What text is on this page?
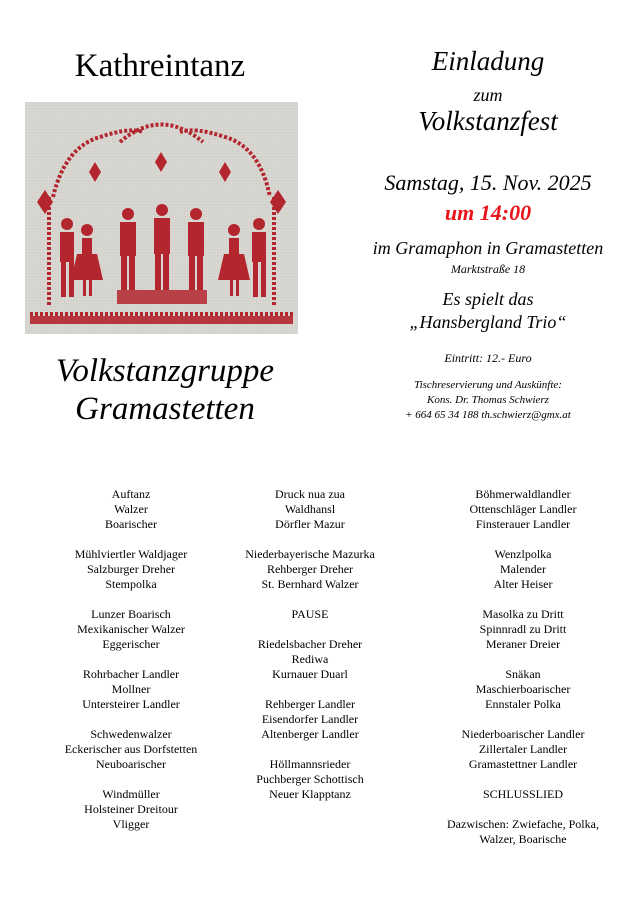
Kathreintanz
Volkstanzgruppe
Gramastetten
Einladung
zum
Volkstanzfest
Samstag, 15. Nov. 2025
um 14:00
im Gramaphon in Gramastetten
Marktstraße 18
Es spielt das
„Hansbergland Trio“
Eintritt: 12.- Euro
Tischreservierung und Auskünfte:
Kons. Dr. Thomas Schwierz
+ 664 65 34 188 th.schwierz@gmx.at
Auftanz
Walzer
Boarischer
Mühlviertler Waldjager
Salzburger Dreher
Stempolka
Lunzer Boarisch
Mexikanischer Walzer
Eggerischer
Rohrbacher Landler
Mollner
Untersteirer Landler
Schwedenwalzer
Eckerischer aus Dorfstetten
Neuboarischer
Windmüller
Holsteiner Dreitour
Vligger
Druck nua zua
Waldhansl
Dörfler Mazur
Niederbayerische Mazurka
Rehberger Dreher
St. Bernhard Walzer
PAUSE
Riedelsbacher Dreher
Rediwa
Kurnauer Duarl
Rehberger Landler
Eisendorfer Landler
Altenberger Landler
Höllmannsrieder
Puchberger Schottisch
Neuer Klapptanz
Böhmerwaldlandler
Ottenschläger Landler
Finsterauer Landler
Wenzlpolka
Malender
Alter Heiser
Masolka zu Dritt
Spinnradl zu Dritt
Meraner Dreier
Snäkan
Maschierboarischer
Ennstaler Polka
Niederboarischer Landler
Zillertaler Landler
Gramastettner Landler
SCHLUSSLIED
Dazwischen: Zwiefache, Polka,
Walzer, Boarische
